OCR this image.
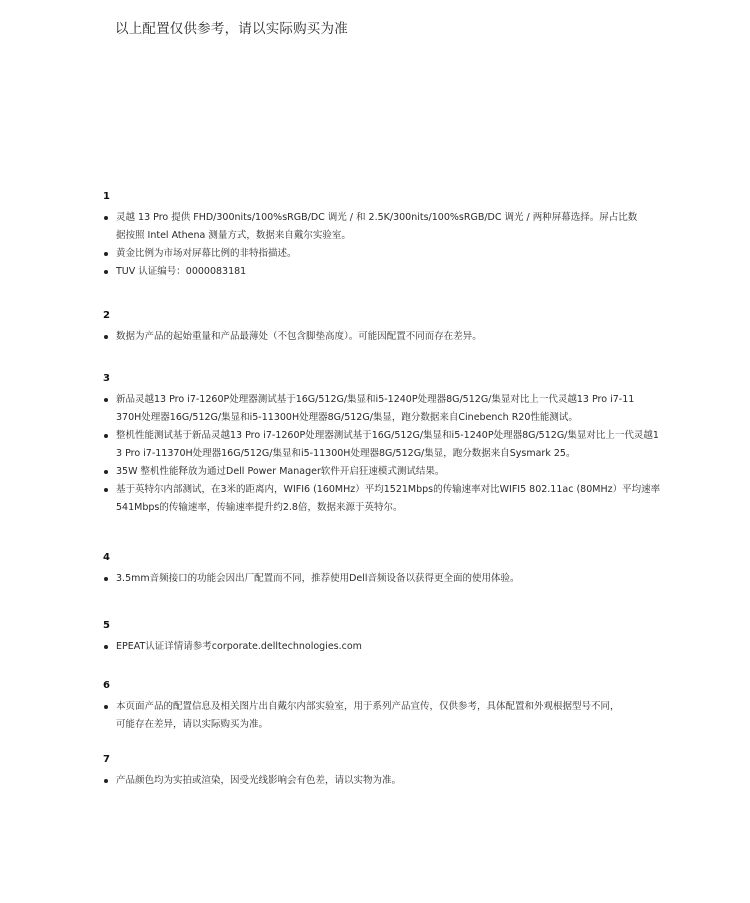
以上配置仅供参考，请以实际购买为准
1
灵越 13 Pro 提供 FHD/300nits/100%sRGB/DC 调光 / 和 2.5K/300nits/100%sRGB/DC 调光 / 两种屏幕选择。屏占比数据按照 Intel Athena 测量方式，数据来自戴尔实验室。
黄金比例为市场对屏幕比例的非特指描述。
TUV 认证编号：0000083181
2
数据为产品的起始重量和产品最薄处（不包含脚垫高度）。可能因配置不同而存在差异。
3
新品灵越13 Pro i7-1260P处理器测试基于16G/512G/集显和i5-1240P处理器8G/512G/集显对比上一代灵越13 Pro i7-11370H处理器16G/512G/集显和i5-11300H处理器8G/512G/集显，跑分数据来自Cinebench R20性能测试。
整机性能测试基于新品灵越13 Pro i7-1260P处理器测试基于16G/512G/集显和i5-1240P处理器8G/512G/集显对比上一代灵越13 Pro i7-11370H处理器16G/512G/集显和i5-11300H处理器8G/512G/集显，跑分数据来自Sysmark 25。
35W 整机性能释放为通过Dell Power Manager软件开启狂速模式测试结果。
基于英特尔内部测试，在3米的距离内，WIFI6 (160MHz）平均1521Mbps的传输速率对比WIFI5 802.11ac (80MHz）平均速率541Mbps的传输速率，传输速率提升约2.8倍，数据来源于英特尔。
4
3.5mm音频接口的功能会因出厂配置而不同，推荐使用Dell音频设备以获得更全面的使用体验。
5
EPEAT认证详情请参考corporate.delltechnologies.com
6
本页面产品的配置信息及相关图片出自戴尔内部实验室，用于系列产品宣传，仅供参考，具体配置和外观根据型号不同，可能存在差异，请以实际购买为准。
7
产品颜色均为实拍或渲染，因受光线影响会有色差，请以实物为准。
